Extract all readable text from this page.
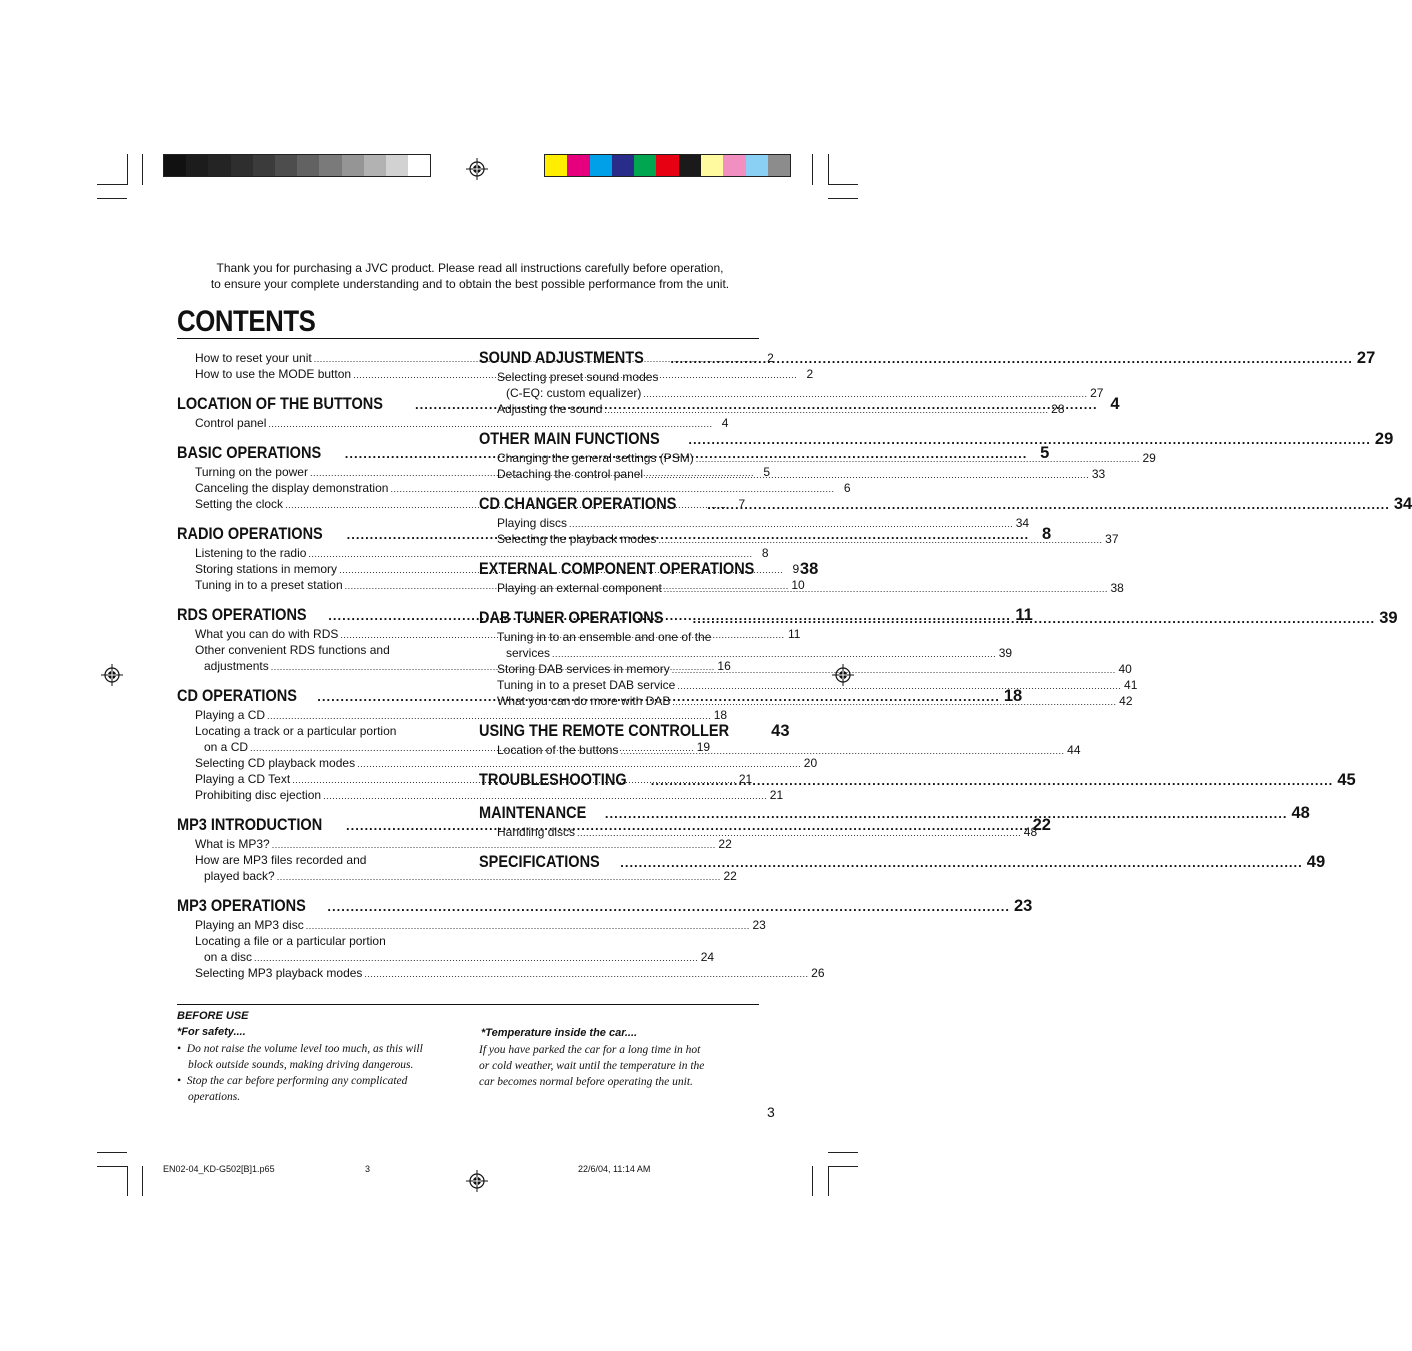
Thank you for purchasing a JVC product. Please read all instructions carefully before operation,
to ensure your complete understanding and to obtain the best possible performance from the unit.
CONTENTS
How to reset your unit .....	2
How to use the MODE button .....	2
LOCATION OF THE BUTTONS .....	4
Control panel .....	4
BASIC OPERATIONS .....	5
Turning on the power .....	5
Canceling the display demonstration .....	6
Setting the clock .....	7
RADIO OPERATIONS .....	8
Listening to the radio .....	8
Storing stations in memory .....	9
Tuning in to a preset station .....	10
RDS OPERATIONS .....	11
What you can do with RDS .....	11
Other convenient RDS functions and
adjustments .....	16
CD OPERATIONS .....	18
Playing a CD .....	18
Locating a track or a particular portion
on a CD .....	19
Selecting CD playback modes .....	20
Playing a CD Text .....	21
Prohibiting disc ejection .....	21
MP3 INTRODUCTION .....	22
What is MP3? .....	22
How are MP3 files recorded and
played back? .....	22
MP3 OPERATIONS .....	23
Playing an MP3 disc .....	23
Locating a file or a particular portion
on a disc .....	24
Selecting MP3 playback modes .....	26
SOUND ADJUSTMENTS .....	27
Selecting preset sound modes
(C-EQ: custom equalizer) .....	27
Adjusting the sound .....	28
OTHER MAIN FUNCTIONS .....	29
Changing the general settings (PSM) .....	29
Detaching the control panel .....	33
CD CHANGER OPERATIONS .....	34
Playing discs .....	34
Selecting the playback modes .....	37
EXTERNAL COMPONENT OPERATIONS	38
Playing an external component .....	38
DAB TUNER OPERATIONS .....	39
Tuning in to an ensemble and one of the
services .....	39
Storing DAB services in memory .....	40
Tuning in to a preset DAB service .....	41
What you can do more with DAB .....	42
USING THE REMOTE CONTROLLER	43
Location of the buttons .....	44
TROUBLESHOOTING .....	45
MAINTENANCE .....	48
Handling discs .....	48
SPECIFICATIONS .....	49
BEFORE USE
*For safety....
•  Do not raise the volume level too much, as this will
block outside sounds, making driving dangerous.
•  Stop the car before performing any complicated
operations.
*Temperature inside the car....
If you have parked the car for a long time in hot
or cold weather, wait until the temperature in the
car becomes normal before operating the unit.
3
EN02-04_KD-G502[B]1.p65	3	22/6/04, 11:14 AM
